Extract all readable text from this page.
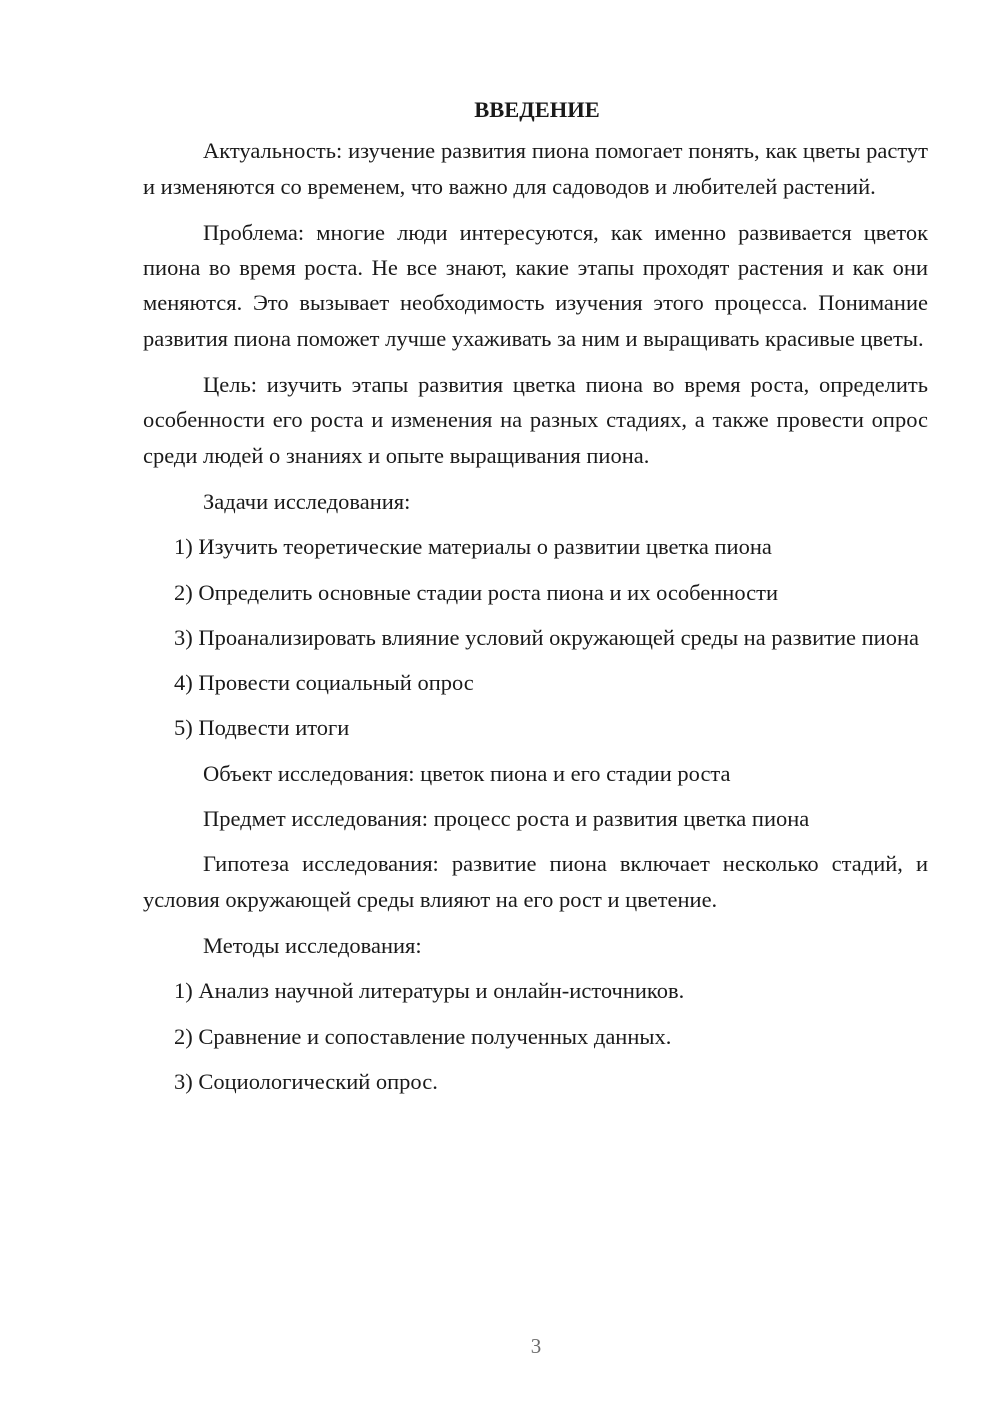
ВВЕДЕНИЕ

Актуальность: изучение развития пиона помогает понять, как цветы растут и изменяются со временем, что важно для садоводов и любителей растений.

Проблема: многие люди интересуются, как именно развивается цветок пиона во время роста. Не все знают, какие этапы проходят растения и как они меняются. Это вызывает необходимость изучения этого процесса. Понимание развития пиона поможет лучше ухаживать за ним и выращивать красивые цветы.

Цель: изучить этапы развития цветка пиона во время роста, определить особенности его роста и изменения на разных стадиях, а также провести опрос среди людей о знаниях и опыте выращивания пиона.

Задачи исследования:

1) Изучить теоретические материалы о развитии цветка пиона

2) Определить основные стадии роста пиона и их особенности

3) Проанализировать влияние условий окружающей среды на развитие пиона

4) Провести социальный опрос

5) Подвести итоги

Объект исследования: цветок пиона и его стадии роста

Предмет исследования: процесс роста и развития цветка пиона

Гипотеза исследования: развитие пиона включает несколько стадий, и условия окружающей среды влияют на его рост и цветение.

Методы исследования:

1) Анализ научной литературы и онлайн-источников.

2) Сравнение и сопоставление полученных данных.

3) Социологический опрос.

3
